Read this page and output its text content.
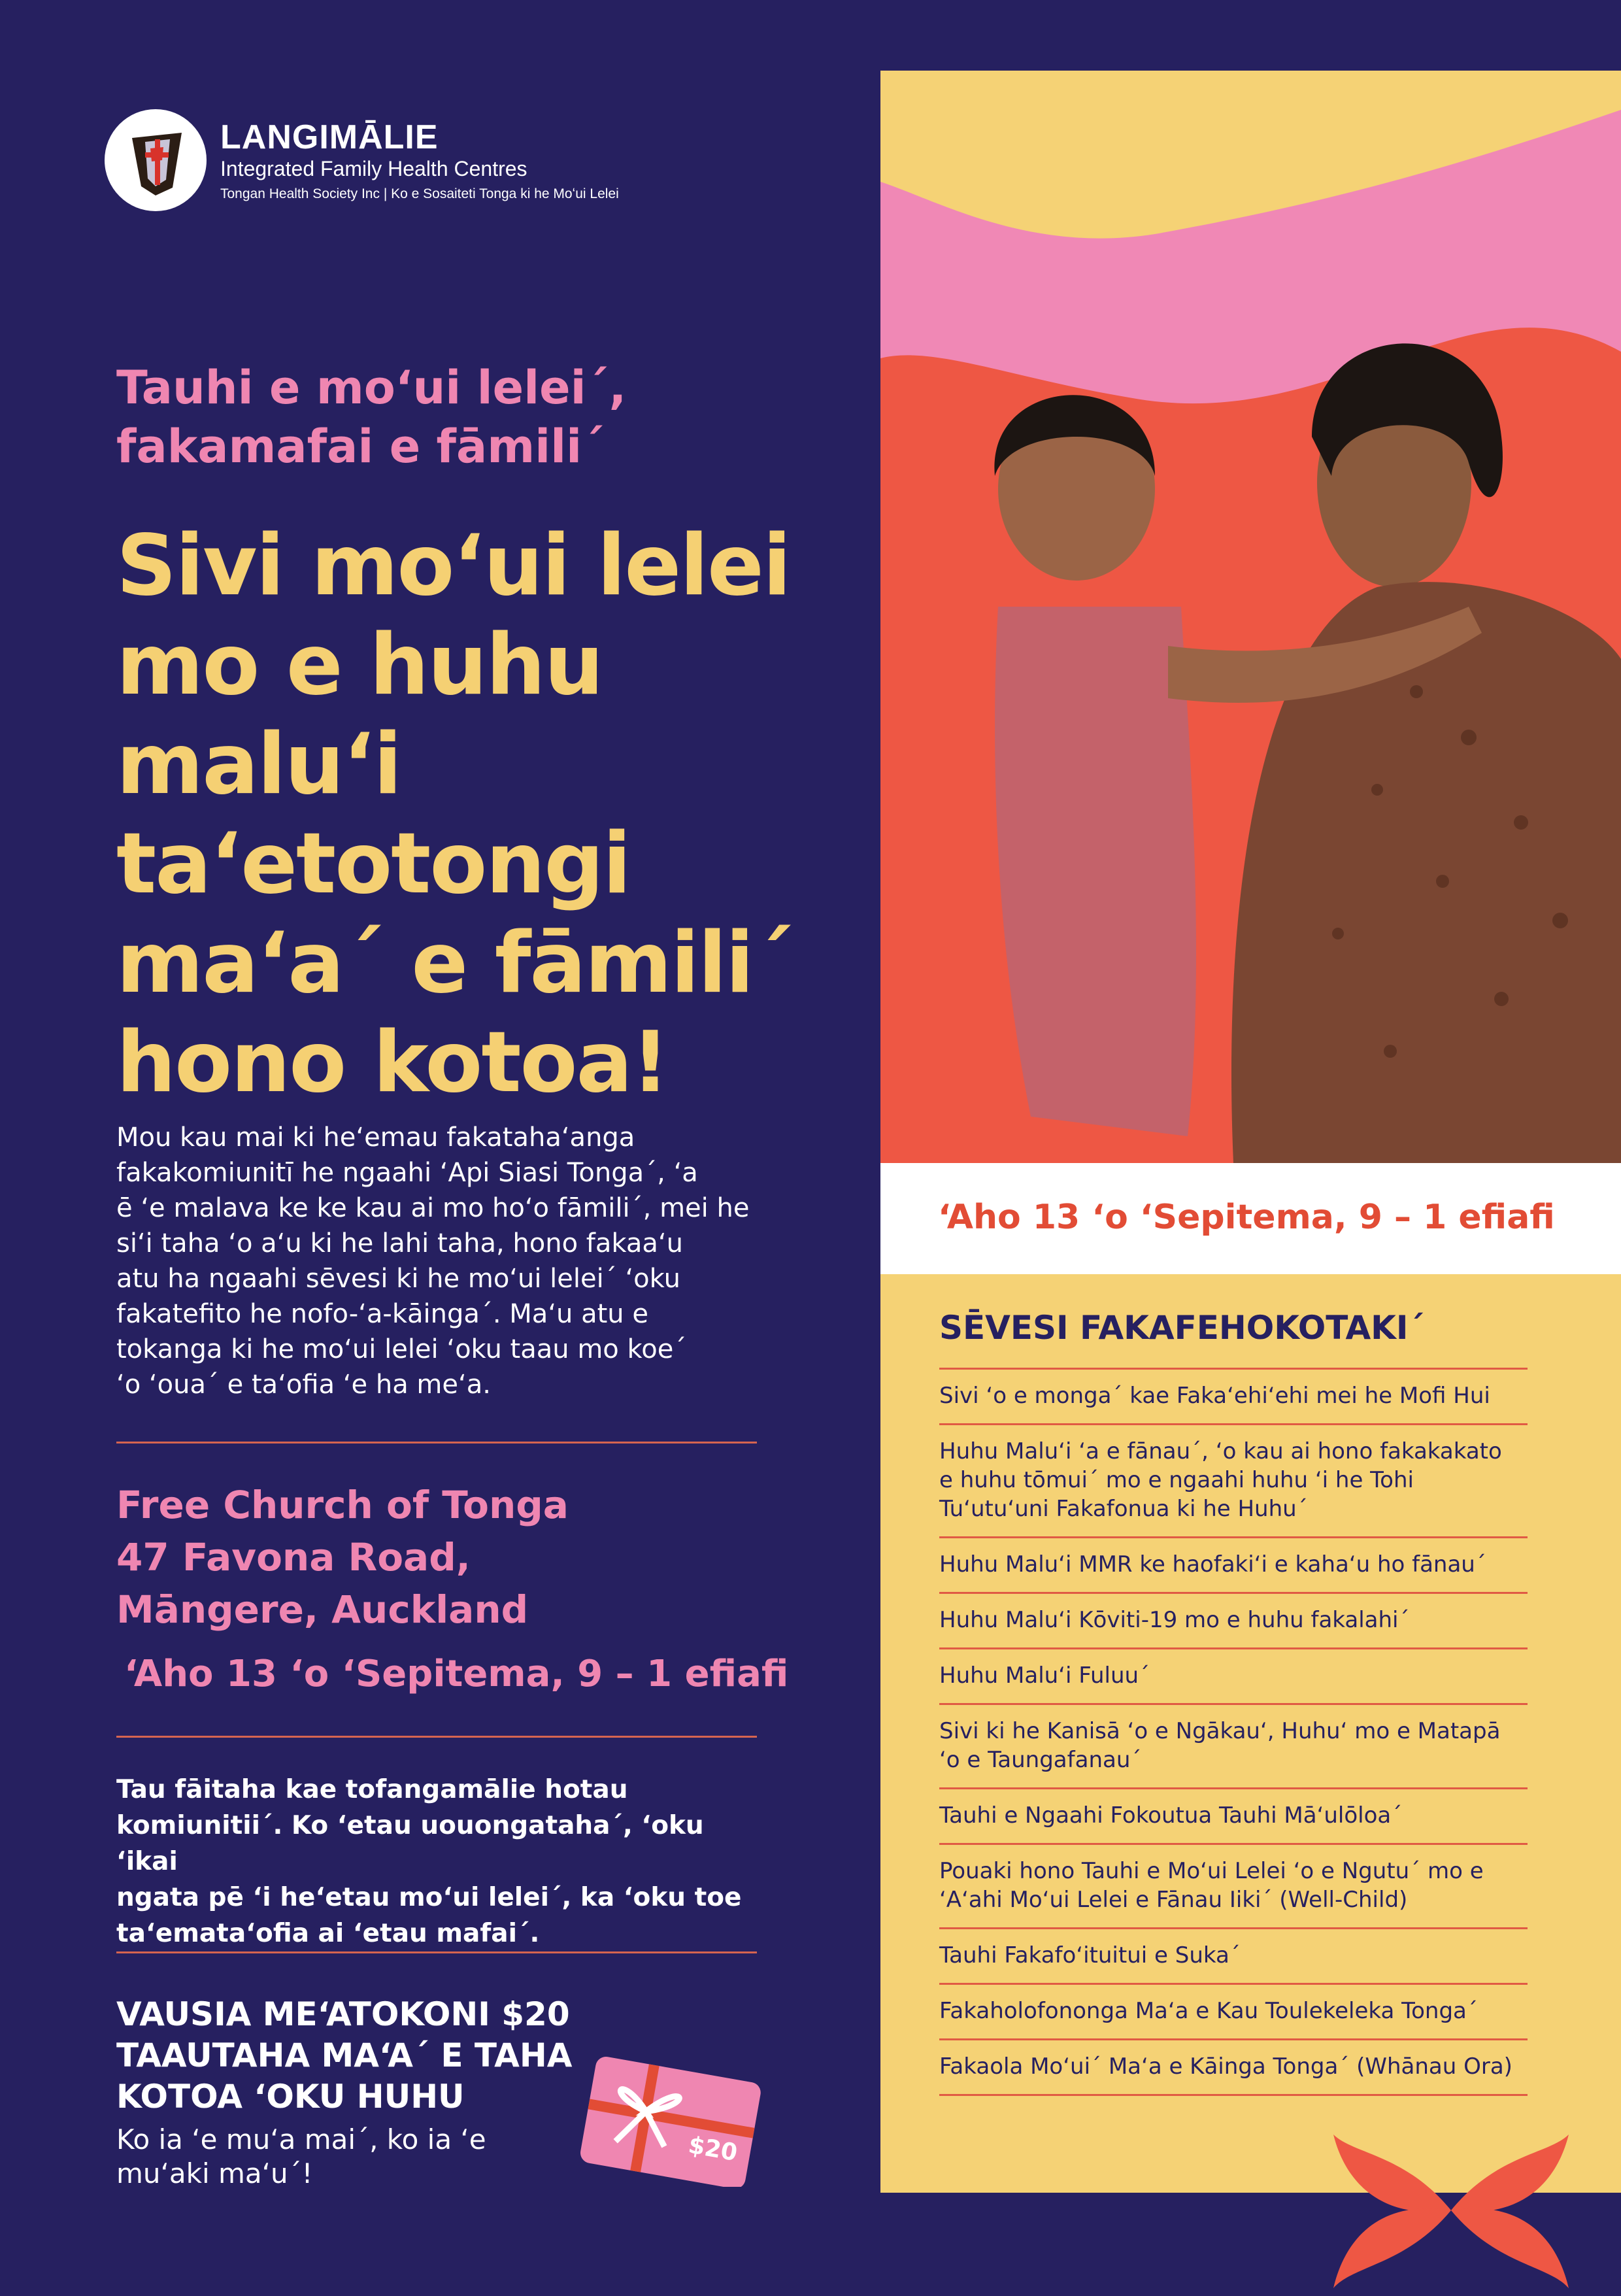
LANGIMĀLIE
Integrated Family Health Centres
Tongan Health Society Inc | Ko e Sosaiteti Tonga ki he Moʻui Lelei
Tauhi e moʻui leleiˊ,
fakamafai e fāmiliˊ
Sivi moʻui lelei
mo e huhu maluʻi
taʻetotongi
maʻaˊ e fāmiliˊ
hono kotoa!
Mou kau mai ki heʻemau fakatahaʻanga
fakakomiunitī he ngaahi ʻApi Siasi Tongaˊ, ʻa
ē ʻe malava ke ke kau ai mo hoʻo fāmiliˊ, mei he
siʻi taha ʻo aʻu ki he lahi taha, hono fakaaʻu
atu ha ngaahi sēvesi ki he moʻui leleiˊ ʻoku
fakatefito he nofo-ʻa-kāingaˊ. Maʻu atu e
tokanga ki he moʻui lelei ʻoku taau mo koeˊ
ʻo ʻouaˊ e taʻofia ʻe ha meʻa.
Free Church of Tonga
47 Favona Road,
Māngere, Auckland
ʻAho 13 ʻo ʻSepitema, 9 – 1 efiafi
Tau fāitaha kae tofangamālie hotau
komiunitiiˊ. Ko ʻetau uouongatahaˊ, ʻoku ʻikai
ngata pē ʻi heʻetau moʻui leleiˊ, ka ʻoku toe
taʻemataʻofia ai ʻetau mafaiˊ.
VAUSIA MEʻATOKONI $20
TAAUTAHA MAʻAˊ E TAHA
KOTOA ʻOKU HUHU
Ko ia ʻe muʻa maiˊ, ko ia ʻe
muʻaki maʻuˊ!
$20
ʻAho 13 ʻo ʻSepitema, 9 – 1 efiafi
SĒVESI FAKAFEHOKOTAKIˊ
Sivi ʻo e mongaˊ kae Fakaʻehiʻehi mei he Mofi Hui
Huhu Maluʻi ʻa e fānauˊ, ʻo kau ai hono fakakakato
e huhu tōmuiˊ mo e ngaahi huhu ʻi he Tohi
Tuʻutuʻuni Fakafonua ki he Huhuˊ
Huhu Maluʻi MMR ke haofakiʻi e kahaʻu ho fānauˊ
Huhu Maluʻi Kōviti-19 mo e huhu fakalahiˊ
Huhu Maluʻi Fuluuˊ
Sivi ki he Kanisā ʻo e Ngākauʻ, Huhuʻ mo e Matapā
ʻo e Taungafanauˊ
Tauhi e Ngaahi Fokoutua Tauhi Māʻulōloaˊ
Pouaki hono Tauhi e Moʻui Lelei ʻo e Ngutuˊ mo e
ʻAʻahi Moʻui Lelei e Fānau Iikiˊ (Well-Child)
Tauhi Fakafoʻituitui e Sukaˊ
Fakaholofononga Maʻa e Kau Toulekeleka Tongaˊ
Fakaola Moʻuiˊ Maʻa e Kāinga Tongaˊ (Whānau Ora)
